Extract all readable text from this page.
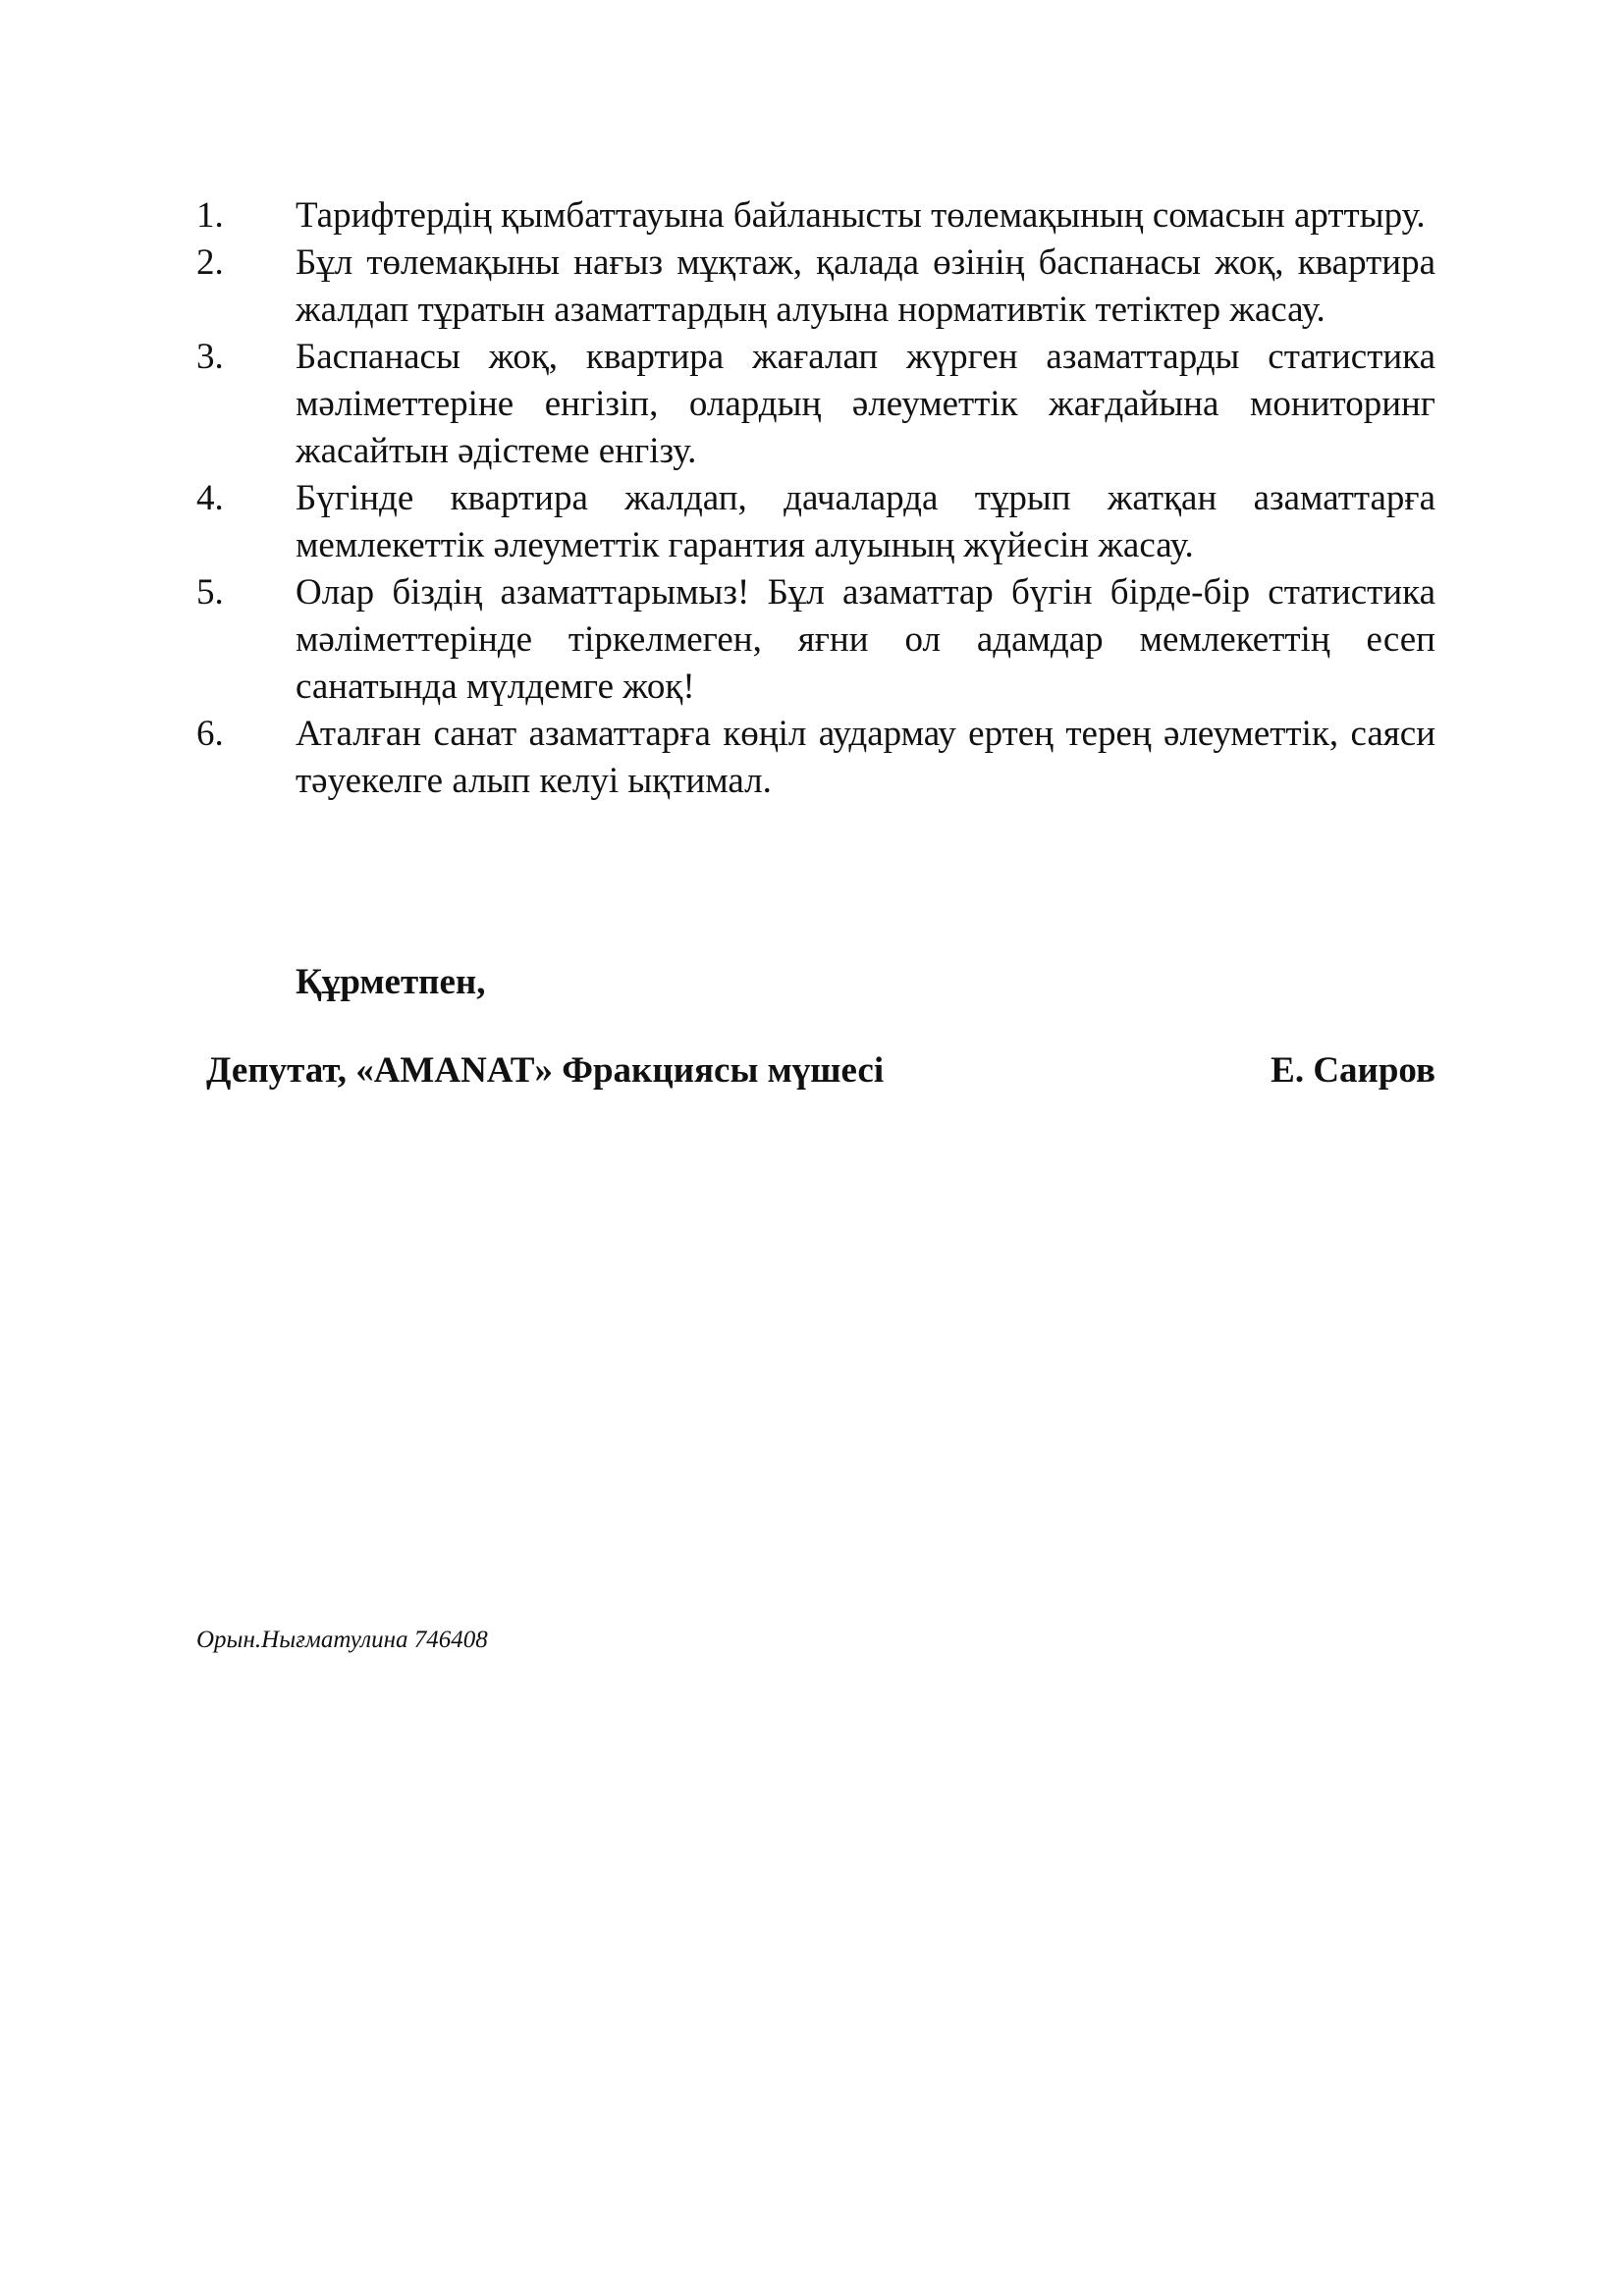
1.	Тарифтердің қымбаттауына байланысты төлемақының сомасын арттыру.
2.	Бұл төлемақыны нағыз мұқтаж, қалада өзінің баспанасы жоқ, квартира жалдап тұратын азаматтардың алуына нормативтік тетіктер жасау.
3.	Баспанасы жоқ, квартира жағалап жүрген азаматтарды статистика мәліметтеріне енгізіп, олардың әлеуметтік жағдайына мониторинг жасайтын әдістеме енгізу.
4.	Бүгінде квартира жалдап, дачаларда тұрып жатқан азаматтарға мемлекеттік әлеуметтік гарантия алуының жүйесін жасау.
5.	Олар біздің азаматтарымыз! Бұл азаматтар бүгін бірде-бір статистика мәліметтерінде тіркелмеген, яғни ол адамдар мемлекеттің есеп санатында мүлдемге жоқ!
6.	Аталған санат азаматтарға көңіл аудармау ертең терең әлеуметтік, саяси тәуекелге алып келуі ықтимал.
Құрметпен,
Депутат, «AMANAT» Фракциясы мүшесі	Е. Саиров
Орын.Нығматулина 746408
